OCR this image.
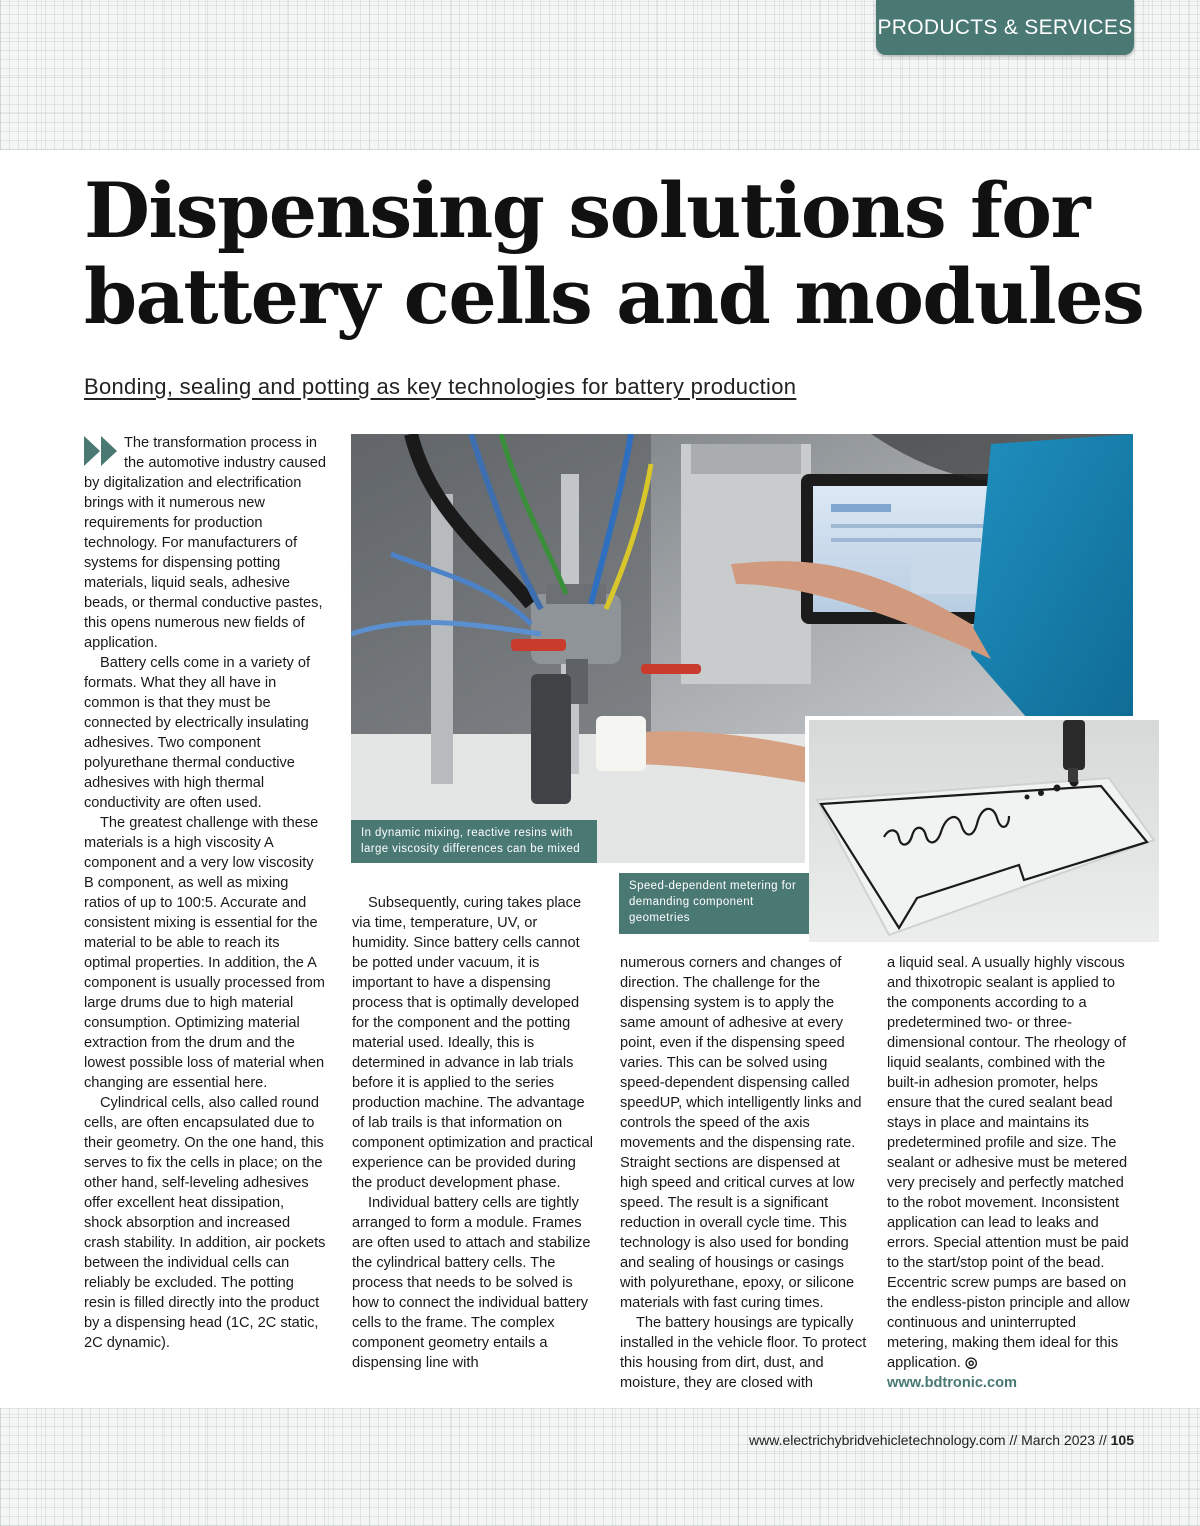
PRODUCTS & SERVICES
Dispensing solutions for
battery cells and modules

Bonding, sealing and potting as key technologies for battery production

The transformation process in the automotive industry caused by digitalization and electrification brings with it numerous new requirements for production technology. For manufacturers of systems for dispensing potting materials, liquid seals, adhesive beads, or thermal conductive pastes, this opens numerous new fields of application.

Battery cells come in a variety of formats. What they all have in common is that they must be connected by electrically insulating adhesives. Two component polyurethane thermal conductive adhesives with high thermal conductivity are often used.

The greatest challenge with these materials is a high viscosity A component and a very low viscosity B component, as well as mixing ratios of up to 100:5. Accurate and consistent mixing is essential for the material to be able to reach its optimal properties. In addition, the A component is usually processed from large drums due to high material consumption. Optimizing material extraction from the drum and the lowest possible loss of material when changing are essential here.

Cylindrical cells, also called round cells, are often encapsulated due to their geometry. On the one hand, this serves to fix the cells in place; on the other hand, self-leveling adhesives offer excellent heat dissipation, shock absorption and increased crash stability. In addition, air pockets between the individual cells can reliably be excluded. The potting resin is filled directly into the product by a dispensing head (1C, 2C static, 2C dynamic).

In dynamic mixing, reactive resins with large viscosity differences can be mixed
Speed-dependent metering for demanding component geometries

Subsequently, curing takes place via time, temperature, UV, or humidity. Since battery cells cannot be potted under vacuum, it is important to have a dispensing process that is optimally developed for the component and the potting material used. Ideally, this is determined in advance in lab trials before it is applied to the series production machine. The advantage of lab trails is that information on component optimization and practical experience can be provided during the product development phase.

Individual battery cells are tightly arranged to form a module. Frames are often used to attach and stabilize the cylindrical battery cells. The process that needs to be solved is how to connect the individual battery cells to the frame. The complex component geometry entails a dispensing line with

numerous corners and changes of direction. The challenge for the dispensing system is to apply the same amount of adhesive at every point, even if the dispensing speed varies. This can be solved using speed-dependent dispensing called speedUP, which intelligently links and controls the speed of the axis movements and the dispensing rate. Straight sections are dispensed at high speed and critical curves at low speed. The result is a significant reduction in overall cycle time. This technology is also used for bonding and sealing of housings or casings with polyurethane, epoxy, or silicone materials with fast curing times.

The battery housings are typically installed in the vehicle floor. To protect this housing from dirt, dust, and moisture, they are closed with

a liquid seal. A usually highly viscous and thixotropic sealant is applied to the components according to a predetermined two- or three-dimensional contour. The rheology of liquid sealants, combined with the built-in adhesion promoter, helps ensure that the cured sealant bead stays in place and maintains its predetermined profile and size. The sealant or adhesive must be metered very precisely and perfectly matched to the robot movement. Inconsistent application can lead to leaks and errors. Special attention must be paid to the start/stop point of the bead. Eccentric screw pumps are based on the endless-piston principle and allow continuous and uninterrupted metering, making them ideal for this application. ◎
www.bdtronic.com

www.electrichybridvehicletechnology.com // March 2023 // 105
